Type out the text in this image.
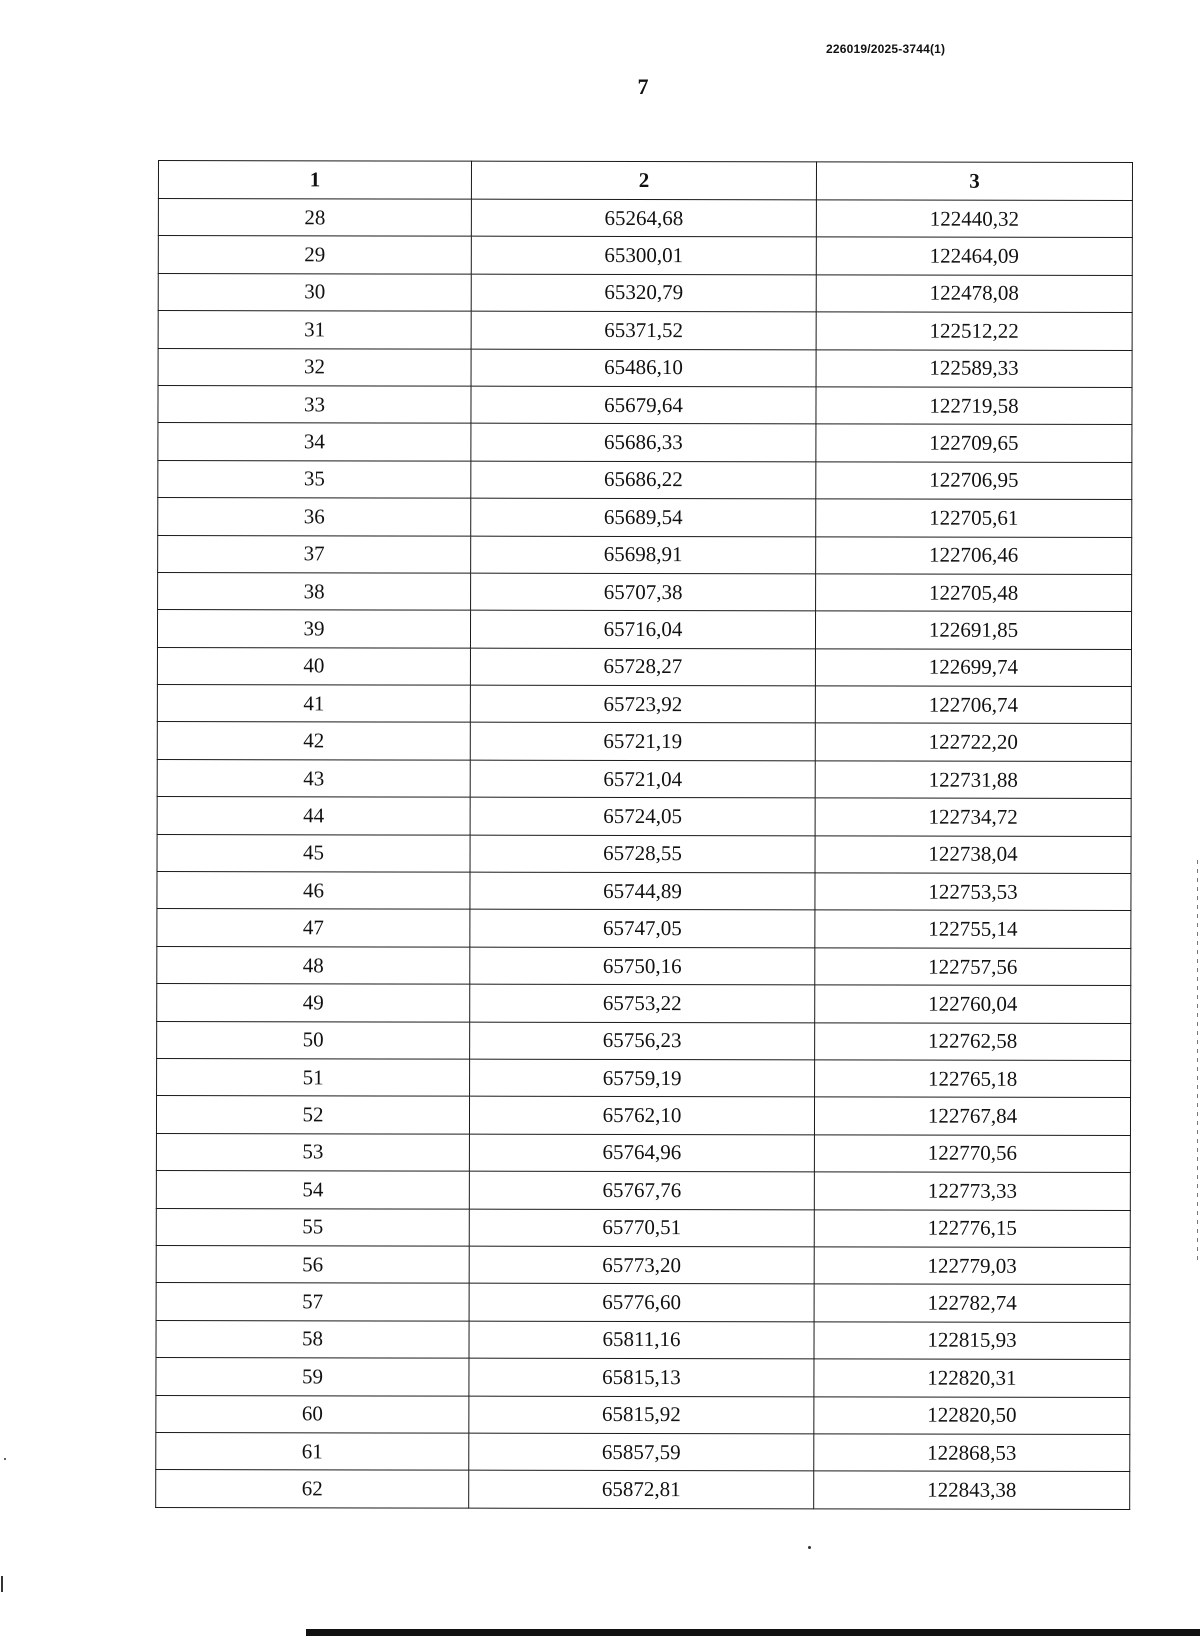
226019/2025-3744(1)
7
1	2	3
28	65264,68	122440,32
29	65300,01	122464,09
30	65320,79	122478,08
31	65371,52	122512,22
32	65486,10	122589,33
33	65679,64	122719,58
34	65686,33	122709,65
35	65686,22	122706,95
36	65689,54	122705,61
37	65698,91	122706,46
38	65707,38	122705,48
39	65716,04	122691,85
40	65728,27	122699,74
41	65723,92	122706,74
42	65721,19	122722,20
43	65721,04	122731,88
44	65724,05	122734,72
45	65728,55	122738,04
46	65744,89	122753,53
47	65747,05	122755,14
48	65750,16	122757,56
49	65753,22	122760,04
50	65756,23	122762,58
51	65759,19	122765,18
52	65762,10	122767,84
53	65764,96	122770,56
54	65767,76	122773,33
55	65770,51	122776,15
56	65773,20	122779,03
57	65776,60	122782,74
58	65811,16	122815,93
59	65815,13	122820,31
60	65815,92	122820,50
61	65857,59	122868,53
62	65872,81	122843,38
